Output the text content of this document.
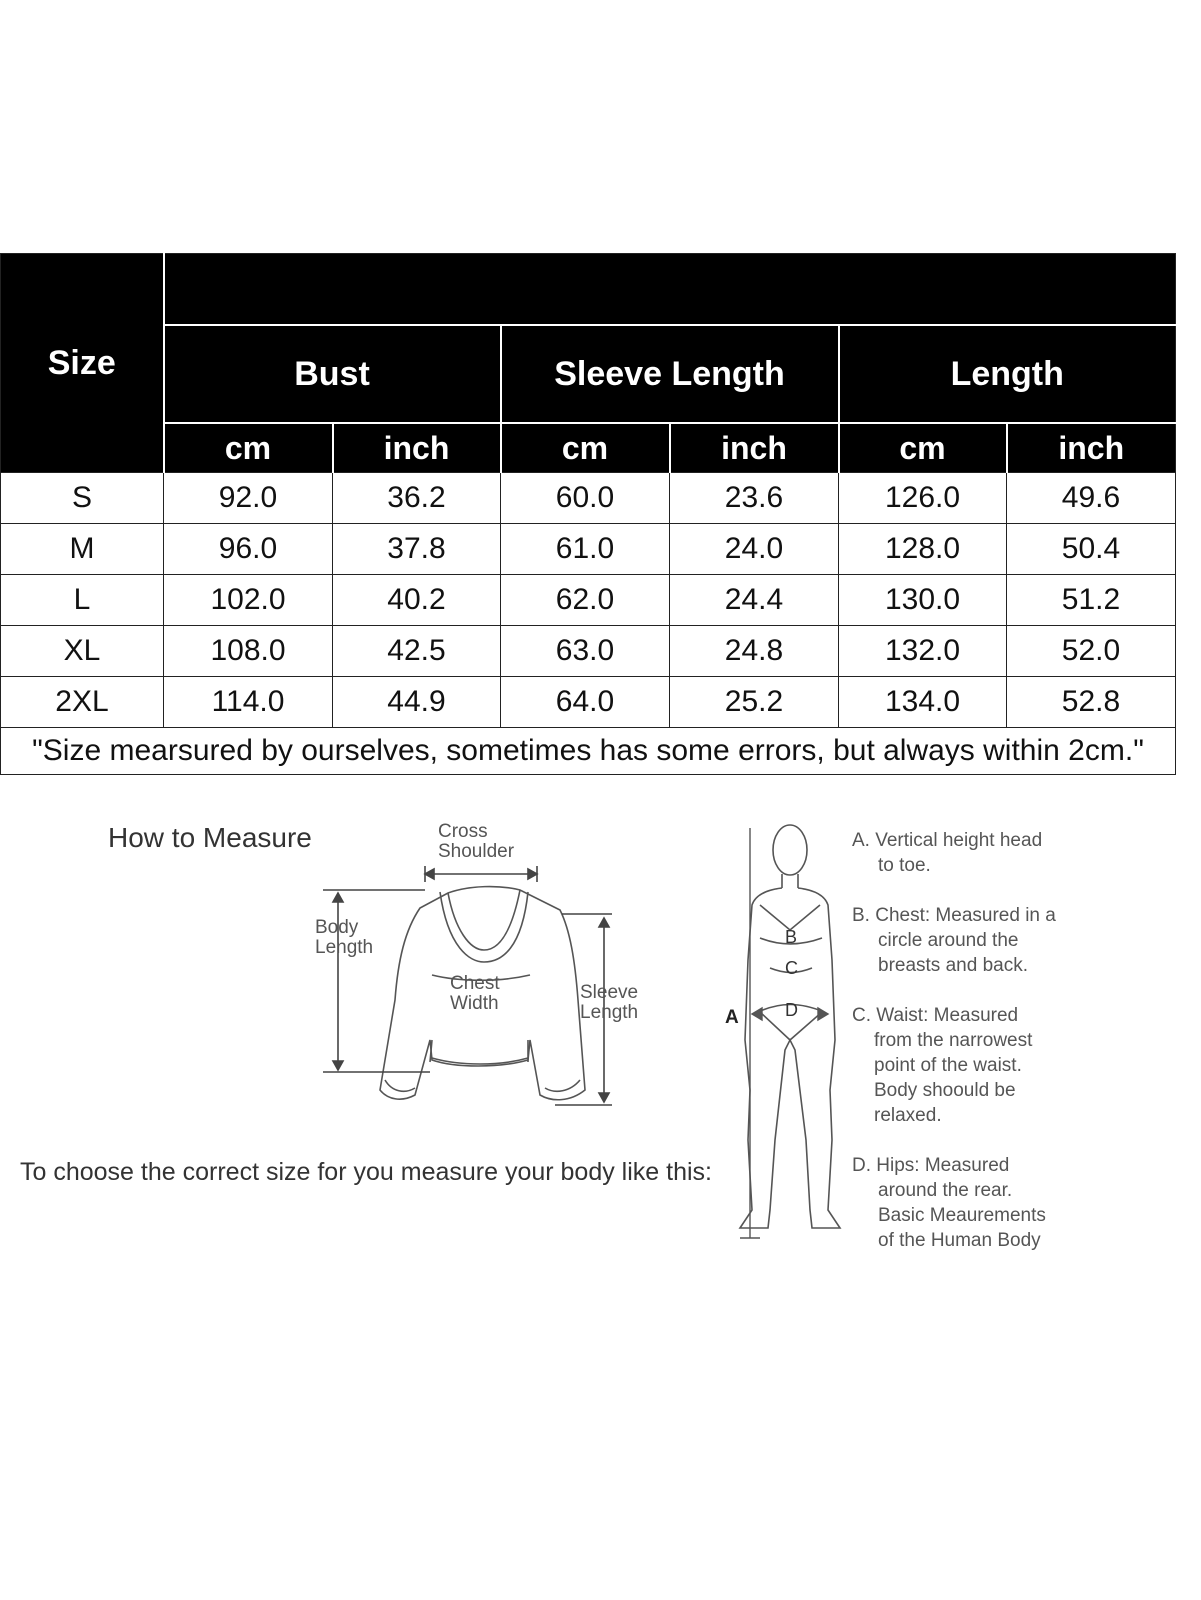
Size						
	Bust		Sleeve Length		Length	
	cm	inch	cm	inch	cm	inch
S	92.0	36.2	60.0	23.6	126.0	49.6
M	96.0	37.8	61.0	24.0	128.0	50.4
L	102.0	40.2	62.0	24.4	130.0	51.2
XL	108.0	42.5	63.0	24.8	132.0	52.0
2XL	114.0	44.9	64.0	25.2	134.0	52.8
"Size mearsured by ourselves, sometimes has some errors, but always within 2cm."						
How to Measure	Cross
Shoulder
Body
Length
Chest
Width
Sleeve
Length
B
C
D
A
To choose the correct size for you measure your body like this:

A. Vertical height head
to toe.

B. Chest: Measured in a
circle around the
breasts and back.

C. Waist: Measured
from the narrowest
point of the waist.
Body shoould be
relaxed.

D. Hips: Measured
around the rear.
Basic Meaurements
of the Human Body
